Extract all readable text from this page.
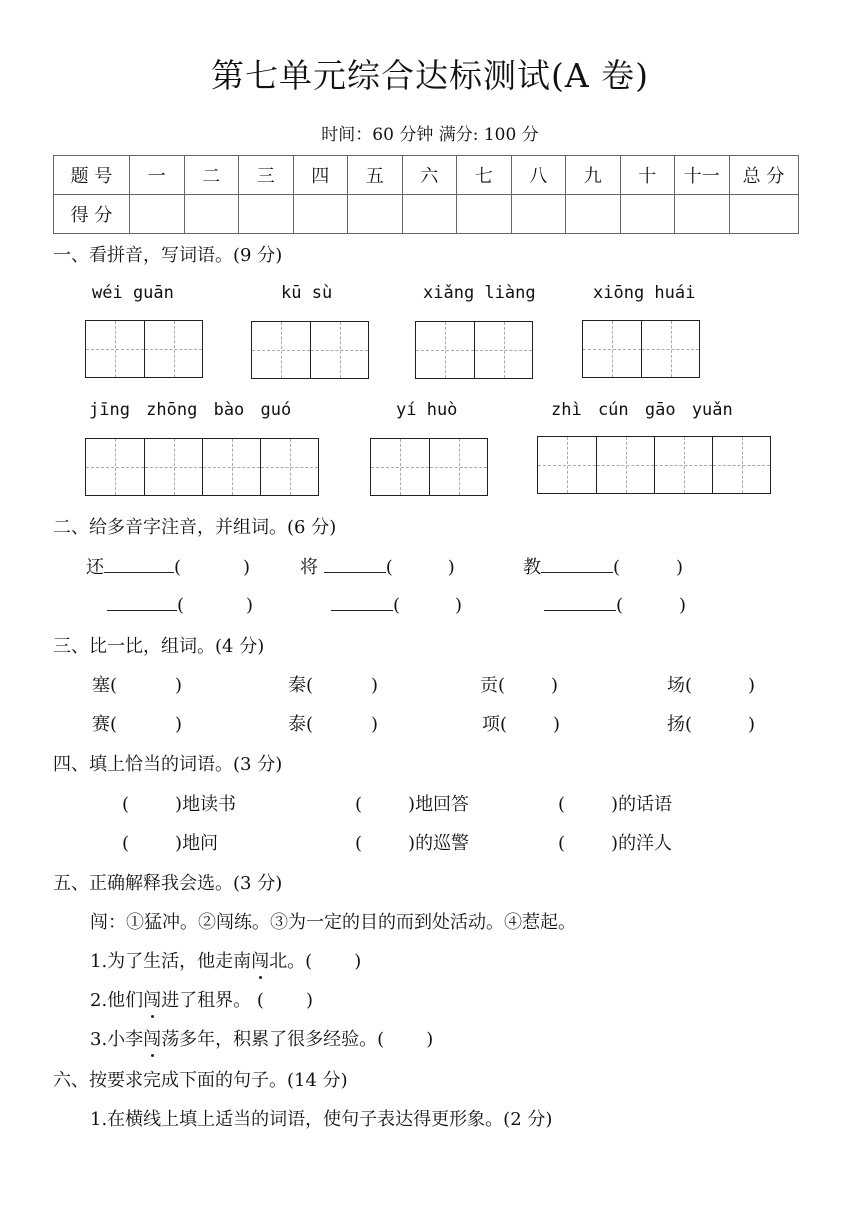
第七单元综合达标测试(A 卷)
时间：60 分钟 满分: 100 分
题 号	一	二	三	四	五	六	七	八	九	十	十一	总 分
得 分												
一、看拼音，写词语。(9 分)
wéi guān	kū sù	xiǎng liàng	xiōng huái
jīng zhōng bào guó	yí huò	zhì cún gāo yuǎn
二、给多音字注音，并组词。(6 分)
还	(	)	将	(	)	教	(	)
(	)	(	)	(	)
三、比一比，组词。(4 分)
塞(	)	秦(	)	贡(	)	场(	)
赛(	)	泰(	)	项(	)	扬(	)
四、填上恰当的词语。(3 分)
(	)地读书	(	)地回答	(	)的话语
(	)地问	(	)的巡警	(	)的洋人
五、正确解释我会选。(3 分)
闯：①猛冲。②闯练。③为一定的目的而到处活动。④惹起。
1.为了生活，他走南闯北。( )
2.他们闯进了租界。 ( )
3.小李闯荡多年，积累了很多经验。( )
六、按要求完成下面的句子。(14 分)
1.在横线上填上适当的词语，使句子表达得更形象。(2 分)
